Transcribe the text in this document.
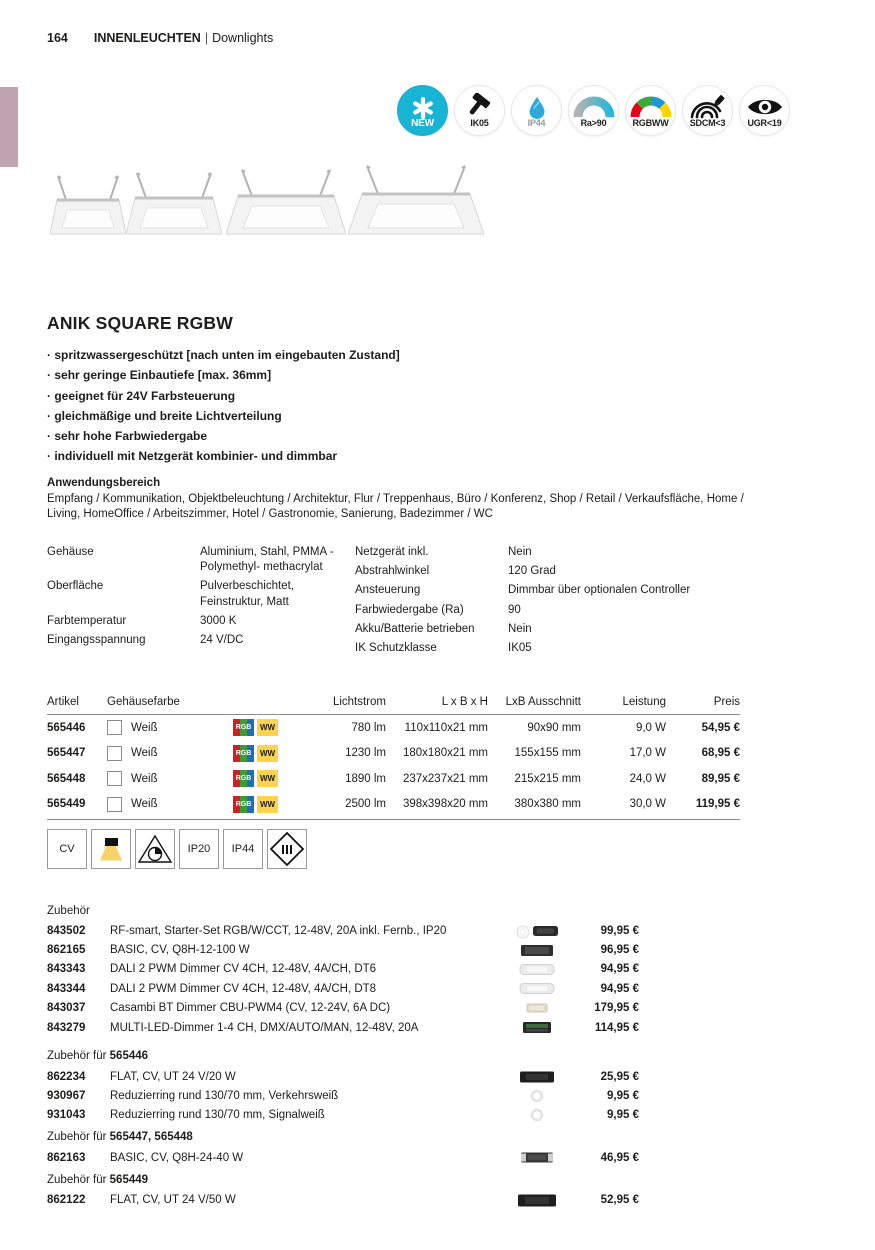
164 INNENLEUCHTEN | Downlights
NEW	IK05	IP44	Ra>90	RGBWW SDCM<3 UGR<19
ANIK SQUARE RGBW
· spritzwassergeschützt [nach unten im eingebauten Zustand]
· sehr geringe Einbautiefe [max. 36mm]
· geeignet für 24V Farbsteuerung
· gleichmäßige und breite Lichtverteilung
· sehr hohe Farbwiedergabe
· individuell mit Netzgerät kombinier- und dimmbar
Anwendungsbereich

Empfang / Kommunikation, Objektbeleuchtung / Architektur, Flur / Treppenhaus, Büro / Konferenz, Shop / Retail / Verkaufsfläche, Home / Living, HomeOffice / Arbeitszimmer, Hotel / Gastronomie, Sanierung, Badezimmer / WC

Gehäuse	Aluminium, Stahl, PMMA - Polymethyl- methacrylat
Oberfläche	Pulverbeschichtet, Feinstruktur, Matt
Farbtemperatur	3000 K
Eingangsspannung	24 V/DC
Netzgerät inkl.	Nein
Abstrahlwinkel	120 Grad
Ansteuerung	Dimmbar über optionalen Controller
Farbwiedergabe (Ra)	90
Akku/Batterie betrieben	Nein
IK Schutzklasse	IK05
Artikel	Gehäusefarbe	Lichtstrom	L x B x H	LxB Ausschnitt	Leistung	Preis
565446	Weiß	RGB	WW	780 lm	110x110x21 mm	90x90 mm	9,0 W	54,95 €
565447	Weiß	RGB	WW	1230 lm	180x180x21 mm	155x155 mm	17,0 W	68,95 €
565448	Weiß	RGB	WW	1890 lm	237x237x21 mm	215x215 mm	24,0 W	89,95 €
565449	Weiß	RGB	WW	2500 lm	398x398x20 mm	380x380 mm	30,0 W	119,95 €
CV	IP20 IP44
Zubehör
843502	RF-smart, Starter-Set RGB/W/CCT, 12-48V, 20A inkl. Fernb., IP20	99,95 €
862165	BASIC, CV, Q8H-12-100 W	96,95 €
843343	DALI 2 PWM Dimmer CV 4CH, 12-48V, 4A/CH, DT6	94,95 €
843344	DALI 2 PWM Dimmer CV 4CH, 12-48V, 4A/CH, DT8	94,95 €
843037	Casambi BT Dimmer CBU-PWM4 (CV, 12-24V, 6A DC)	179,95 €
843279	MULTI-LED-Dimmer 1-4 CH, DMX/AUTO/MAN, 12-48V, 20A	114,95 €
Zubehör für 565446
862234	FLAT, CV, UT 24 V/20 W	25,95 €
930967	Reduzierring rund 130/70 mm, Verkehrsweiß	9,95 €
931043	Reduzierring rund 130/70 mm, Signalweiß	9,95 €
Zubehör für 565447, 565448
862163	BASIC, CV, Q8H-24-40 W	46,95 €
Zubehör für 565449
862122	FLAT, CV, UT 24 V/50 W	52,95 €
